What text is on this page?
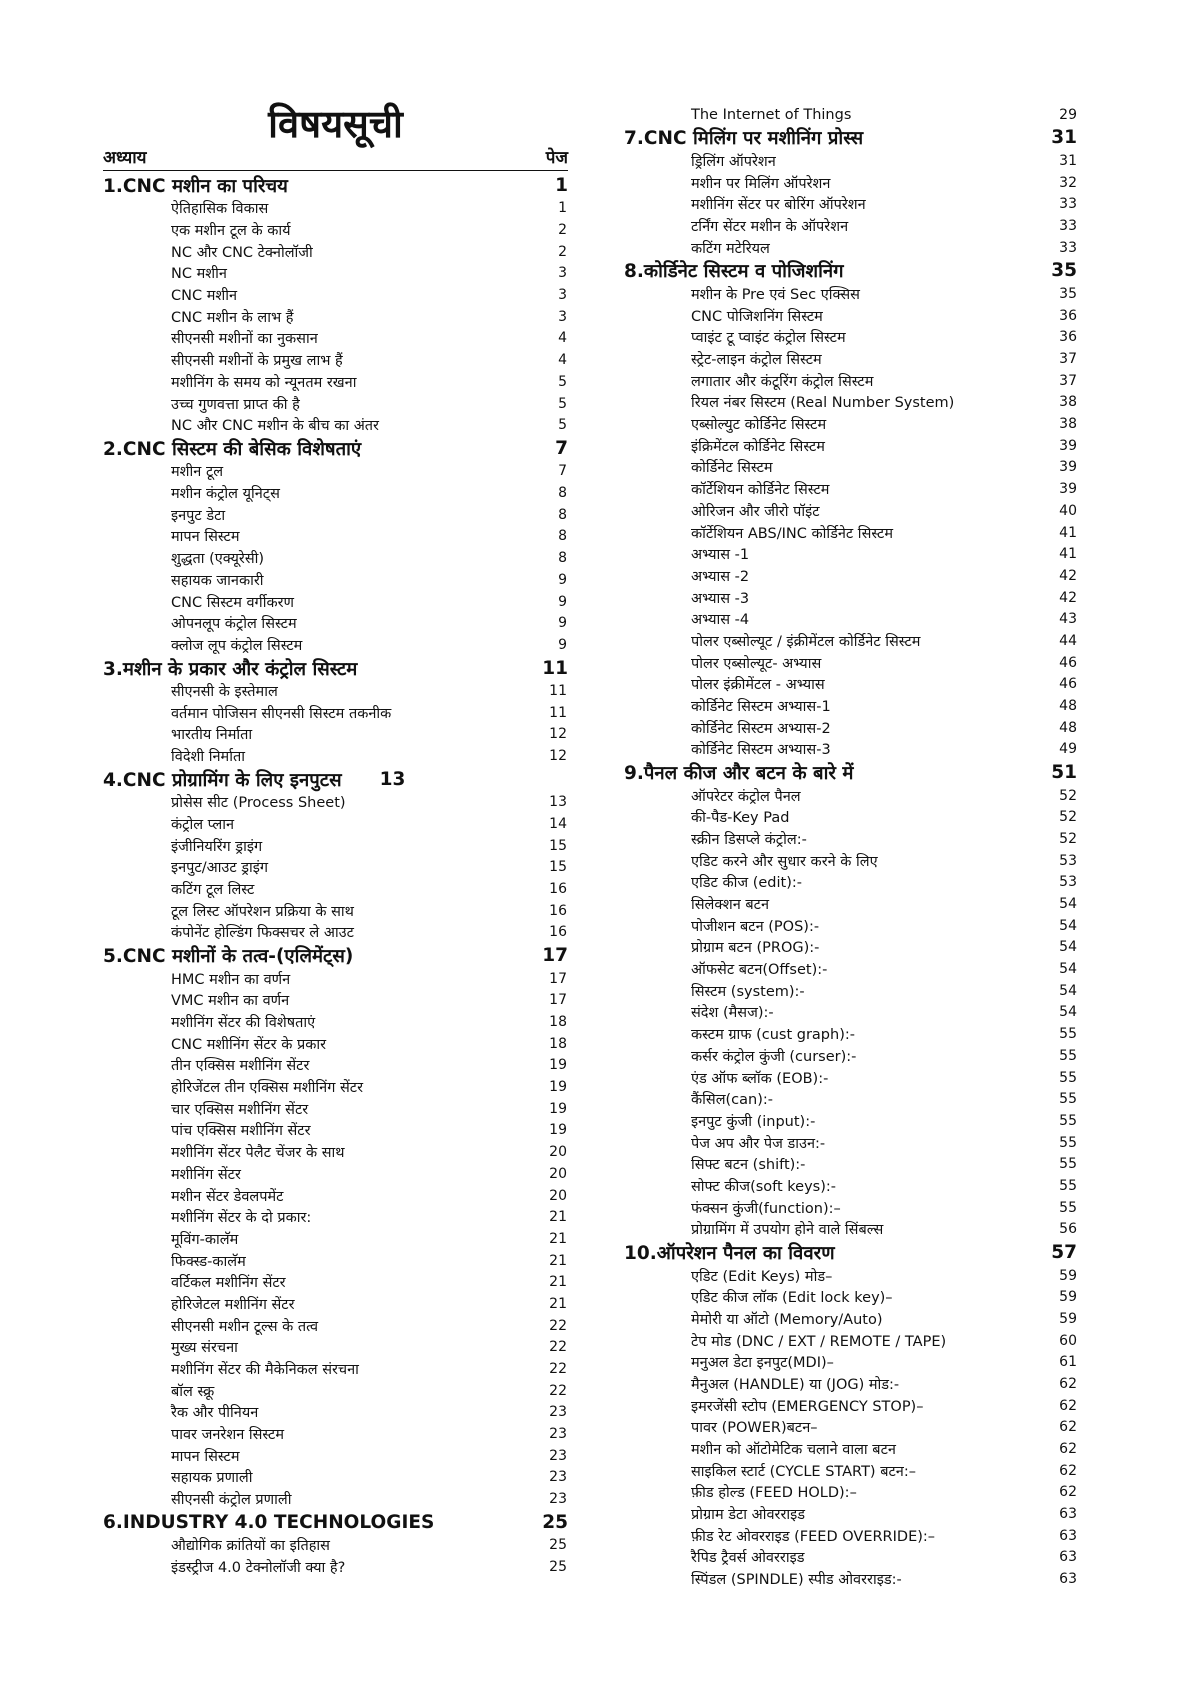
विषयसूची
अध्याय	पेज
1.CNC मशीन का परिचय	1
ऐतिहासिक विकास	1
एक मशीन टूल के कार्य	2
NC और CNC टेक्नोलॉजी	2
NC मशीन	3
CNC मशीन	3
CNC मशीन के लाभ हैं	3
सीएनसी मशीनों का नुकसान	4
सीएनसी मशीनों के प्रमुख लाभ हैं	4
मशीनिंग के समय को न्यूनतम रखना	5
उच्च गुणवत्ता प्राप्त की है	5
NC और CNC मशीन के बीच का अंतर	5
2.CNC सिस्टम की बेसिक विशेषताएं	7
मशीन टूल	7
मशीन कंट्रोल यूनिट्स	8
इनपुट डेटा	8
मापन सिस्टम	8
शुद्धता (एक्यूरेसी)	8
सहायक जानकारी	9
CNC सिस्टम वर्गीकरण	9
ओपनलूप कंट्रोल सिस्टम	9
क्लोज लूप कंट्रोल सिस्टम	9
3.मशीन के प्रकार और कंट्रोल सिस्टम	11
सीएनसी के इस्तेमाल	11
वर्तमान पोजिसन सीएनसी सिस्टम तकनीक	11
भारतीय निर्माता	12
विदेशी निर्माता	12
4.CNC प्रोग्रामिंग के लिए इनपुटस 13
प्रोसेस सीट (Process Sheet)	13
कंट्रोल प्लान	14
इंजीनियरिंग ड्राइंग	15
इनपुट/आउट ड्राइंग	15
कटिंग टूल लिस्ट	16
टूल लिस्ट ऑपरेशन प्रक्रिया के साथ	16
कंपोनेंट होल्डिंग फिक्सचर ले आउट	16
5.CNC मशीनों के तत्व-(एलिमेंट्स)	17
HMC मशीन का वर्णन	17
VMC मशीन का वर्णन	17
मशीनिंग सेंटर की विशेषताएं	18
CNC मशीनिंग सेंटर के प्रकार	18
तीन एक्सिस मशीनिंग सेंटर	19
होरिजेंटल तीन एक्सिस मशीनिंग सेंटर	19
चार एक्सिस मशीनिंग सेंटर	19
पांच एक्सिस मशीनिंग सेंटर	19
मशीनिंग सेंटर पेलैट चेंजर के साथ	20
मशीनिंग सेंटर	20
मशीन सेंटर डेवलपमेंट	20
मशीनिंग सेंटर के दो प्रकार:	21
मूविंग-कालॅम	21
फिक्स्ड-कालॅम	21
वर्टिकल मशीनिंग सेंटर	21
होरिजेटल मशीनिंग सेंटर	21
सीएनसी मशीन टूल्स के तत्व	22
मुख्य संरचना	22
मशीनिंग सेंटर की मैकेनिकल संरचना	22
बॉल स्क्रू	22
रैक और पीनियन	23
पावर जनरेशन सिस्टम	23
मापन सिस्टम	23
सहायक प्रणाली	23
सीएनसी कंट्रोल प्रणाली	23
6.INDUSTRY 4.0 TECHNOLOGIES	25
औद्योगिक क्रांतियों का इतिहास	25
इंडस्ट्रीज 4.0 टेक्नोलॉजी क्या है?	25
The Internet of Things	29
7.CNC मिलिंग पर मशीनिंग प्रोस्स	31
ड्रिलिंग ऑपरेशन	31
मशीन पर मिलिंग ऑपरेशन	32
मशीनिंग सेंटर पर बोरिंग ऑपरेशन	33
टर्निंग सेंटर मशीन के ऑपरेशन	33
कटिंग मटेरियल	33
8.कोर्डिनेट सिस्टम व पोजिशनिंग	35
मशीन के Pre एवं Sec एक्सिस	35
CNC पोजिशनिंग सिस्टम	36
प्वाइंट टू प्वाइंट कंट्रोल सिस्टम	36
स्ट्रेट-लाइन कंट्रोल सिस्टम	37
लगातार और कंटूरिंग कंट्रोल सिस्टम	37
रियल नंबर सिस्टम (Real Number System)	38
एब्सोल्युट कोर्डिनेट सिस्टम	38
इंक्रिमेंटल कोर्डिनेट सिस्टम	39
कोर्डिनेट सिस्टम	39
कॉर्टेशियन कोर्डिनेट सिस्टम	39
ओरिजन और जीरो पॉइंट	40
कॉर्टेशियन ABS/INC कोर्डिनेट सिस्टम	41
अभ्यास -1	41
अभ्यास -2	42
अभ्यास -3	42
अभ्यास -4	43
पोलर एब्सोल्यूट / इंक्रीमेंटल कोर्डिनेट सिस्टम	44
पोलर एब्सोल्यूट- अभ्यास	46
पोलर इंक्रीमेंटल - अभ्यास	46
कोर्डिनेट सिस्टम अभ्यास-1	48
कोर्डिनेट सिस्टम अभ्यास-2	48
कोर्डिनेट सिस्टम अभ्यास-3	49
9.पैनल कीज और बटन के बारे में	51
ऑपरेटर कंट्रोल पैनल	52
की-पैड-Key Pad	52
स्क्रीन डिसप्ले कंट्रोल:-	52
एडिट करने और सुधार करने के लिए	53
एडिट कीज (edit):-	53
सिलेक्शन बटन	54
पोजीशन बटन (POS):-	54
प्रोग्राम बटन (PROG):-	54
ऑफसेट बटन(Offset):-	54
सिस्टम (system):-	54
संदेश (मैसज):-	54
कस्टम ग्राफ (cust graph):-	55
कर्सर कंट्रोल कुंजी (curser):-	55
एंड ऑफ ब्लॉक (EOB):-	55
कैंसिल(can):-	55
इनपुट कुंजी (input):-	55
पेज अप और पेज डाउन:-	55
सिफ्ट बटन (shift):-	55
सोफ्ट कीज(soft keys):-	55
फंक्सन कुंजी(function):–	55
प्रोग्रामिंग में उपयोग होने वाले सिंबल्स	56
10.ऑपरेशन पैनल का विवरण	57
एडिट (Edit Keys) मोड–	59
एडिट कीज लॉक (Edit lock key)–	59
मेमोरी या ऑटो (Memory/Auto)	59
टेप मोड (DNC / EXT / REMOTE / TAPE)	60
मनुअल डेटा इनपुट(MDI)–	61
मैनुअल (HANDLE) या (JOG) मोड:-	62
इमरजेंसी स्टोप (EMERGENCY STOP)–	62
पावर (POWER)बटन–	62
मशीन को ऑटोमेटिक चलाने वाला बटन	62
साइकिल स्टार्ट (CYCLE START) बटन:–	62
फ़ीड होल्ड (FEED HOLD):–	62
प्रोग्राम डेटा ओवरराइड	63
फ़ीड रेट ओवरराइड (FEED OVERRIDE):–	63
रैपिड ट्रैवर्स ओवरराइड	63
स्पिंडल (SPINDLE) स्पीड ओवरराइड:-	63
